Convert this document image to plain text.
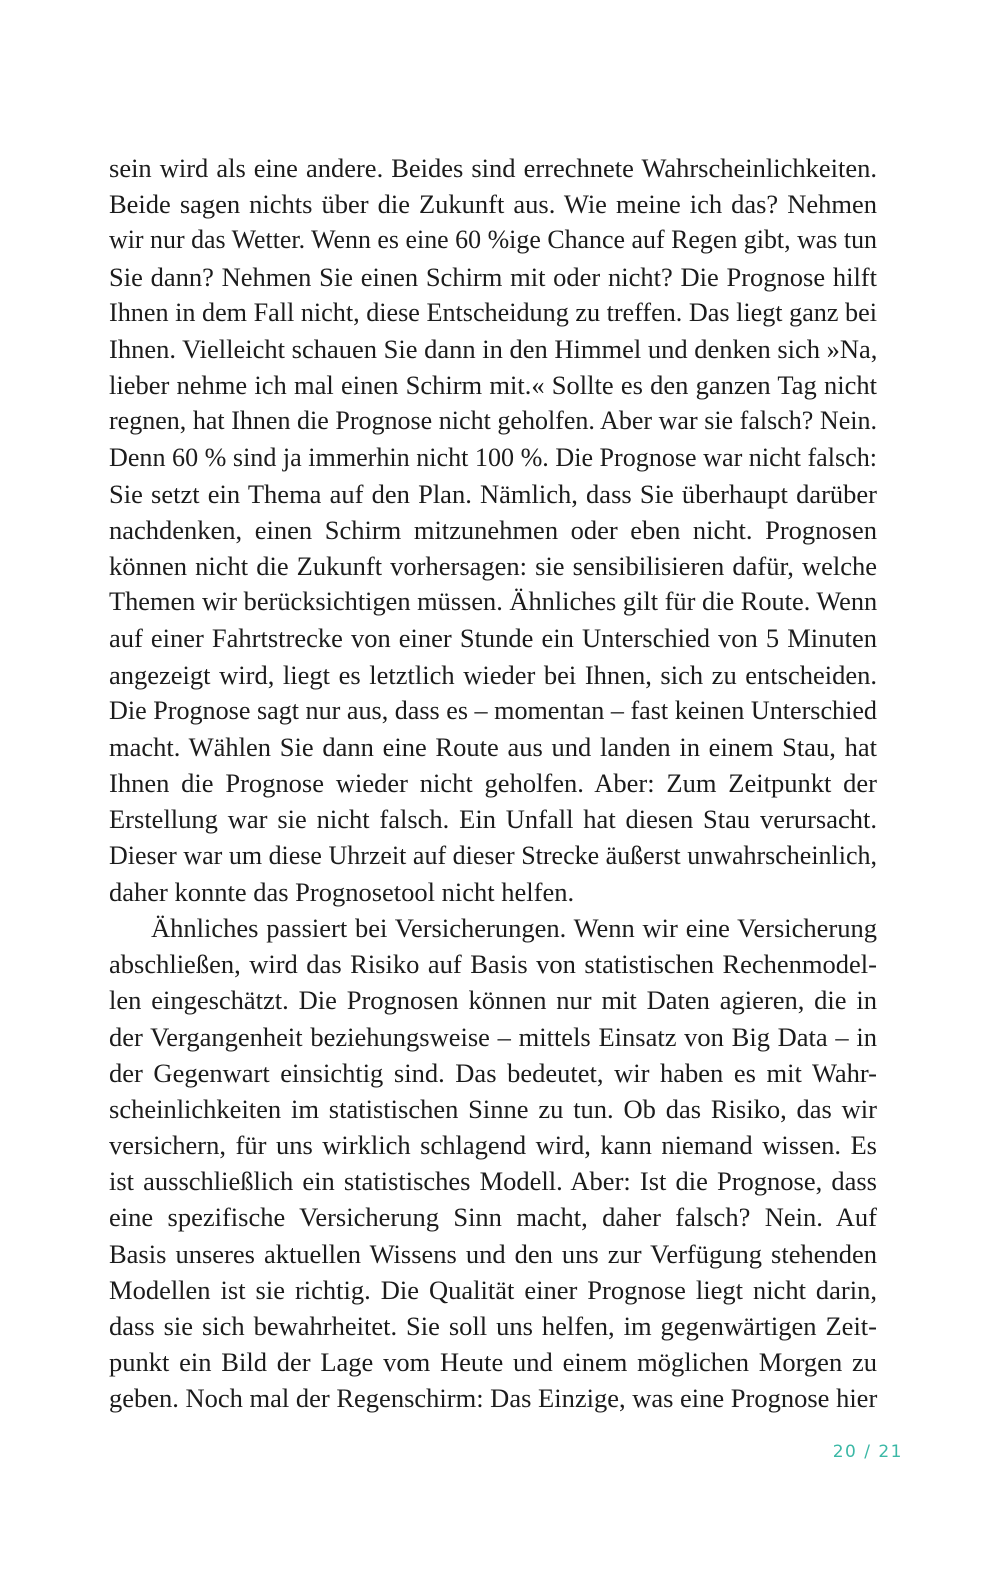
sein wird als eine andere. Beides sind errechnete Wahrscheinlichkeiten.
Beide sagen nichts über die Zukunft aus. Wie meine ich das? Nehmen
wir nur das Wetter. Wenn es eine 60 %ige Chance auf Regen gibt, was tun
Sie dann? Nehmen Sie einen Schirm mit oder nicht? Die Prognose hilft
Ihnen in dem Fall nicht, diese Entscheidung zu treffen. Das liegt ganz bei
Ihnen. Vielleicht schauen Sie dann in den Himmel und denken sich »Na,
lieber nehme ich mal einen Schirm mit.« Sollte es den ganzen Tag nicht
regnen, hat Ihnen die Prognose nicht geholfen. Aber war sie falsch? Nein.
Denn 60 % sind ja immerhin nicht 100 %. Die Prognose war nicht falsch:
Sie setzt ein Thema auf den Plan. Nämlich, dass Sie überhaupt darüber
nachdenken, einen Schirm mitzunehmen oder eben nicht. Prognosen
können nicht die Zukunft vorhersagen: sie sensibilisieren dafür, welche
Themen wir berücksichtigen müssen. Ähnliches gilt für die Route. Wenn
auf einer Fahrtstrecke von einer Stunde ein Unterschied von 5 Minuten
angezeigt wird, liegt es letztlich wieder bei Ihnen, sich zu entscheiden.
Die Prognose sagt nur aus, dass es – momentan – fast keinen Unterschied
macht. Wählen Sie dann eine Route aus und landen in einem Stau, hat
Ihnen die Prognose wieder nicht geholfen. Aber: Zum Zeitpunkt der
Erstellung war sie nicht falsch. Ein Unfall hat diesen Stau verursacht.
Dieser war um diese Uhrzeit auf dieser Strecke äußerst unwahrscheinlich,
daher konnte das Prognosetool nicht helfen.
Ähnliches passiert bei Versicherungen. Wenn wir eine Versicherung
abschließen, wird das Risiko auf Basis von statistischen Rechenmodel-
len eingeschätzt. Die Prognosen können nur mit Daten agieren, die in
der Vergangenheit beziehungsweise – mittels Einsatz von Big Data – in
der Gegenwart einsichtig sind. Das bedeutet, wir haben es mit Wahr-
scheinlichkeiten im statistischen Sinne zu tun. Ob das Risiko, das wir
versichern, für uns wirklich schlagend wird, kann niemand wissen. Es
ist ausschließlich ein statistisches Modell. Aber: Ist die Prognose, dass
eine spezifische Versicherung Sinn macht, daher falsch? Nein. Auf
Basis unseres aktuellen Wissens und den uns zur Verfügung stehenden
Modellen ist sie richtig. Die Qualität einer Prognose liegt nicht darin,
dass sie sich bewahrheitet. Sie soll uns helfen, im gegenwärtigen Zeit-
punkt ein Bild der Lage vom Heute und einem möglichen Morgen zu
geben. Noch mal der Regenschirm: Das Einzige, was eine Prognose hier
20 / 21
